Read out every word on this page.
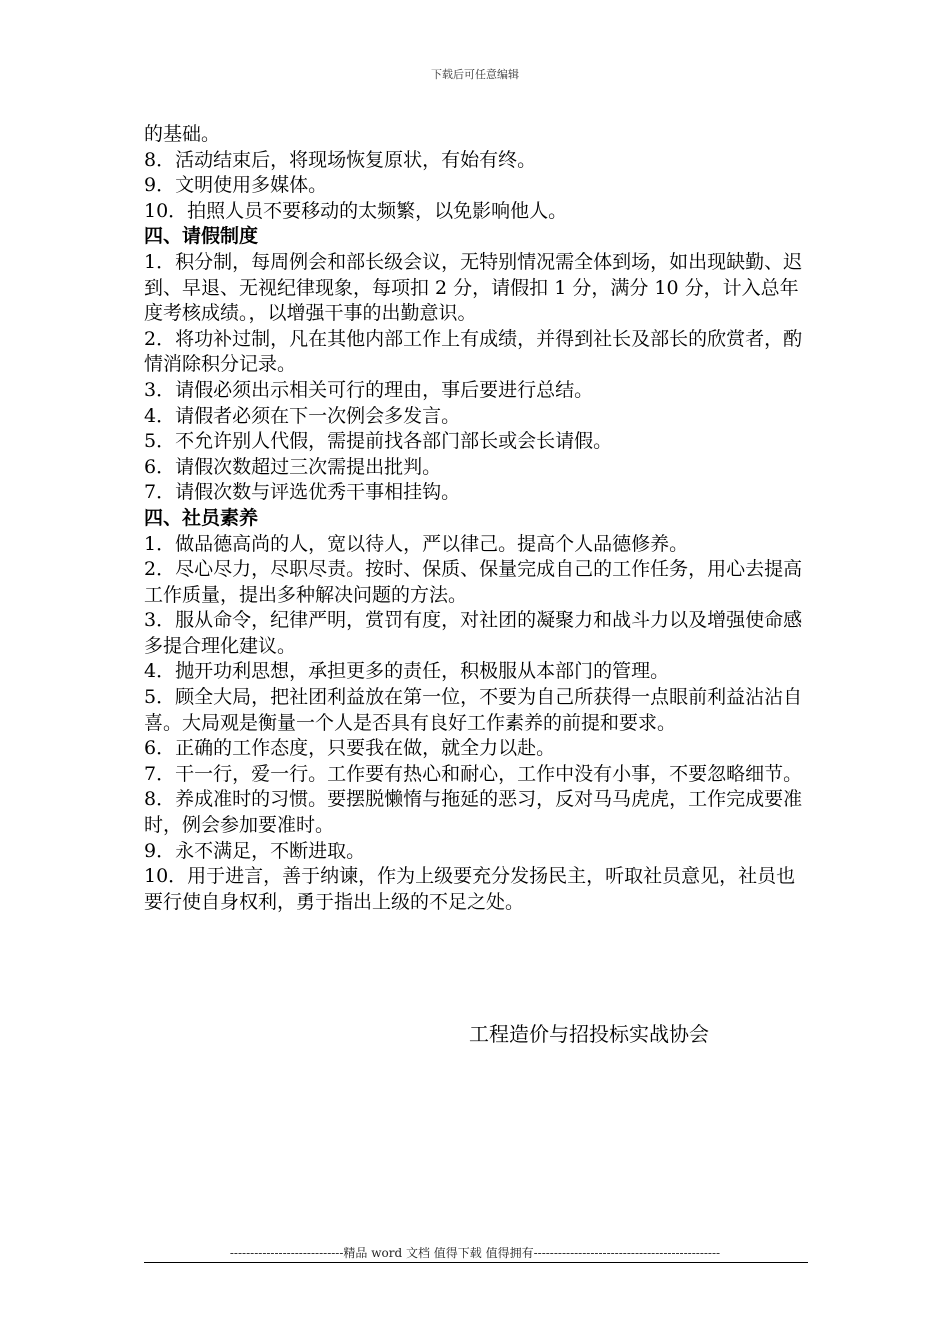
下载后可任意编辑

的基础。

8．活动结束后，将现场恢复原状，有始有终。

9．文明使用多媒体。

10．拍照人员不要移动的太频繁，以免影响他人。

四、请假制度

1．积分制，每周例会和部长级会议，无特别情况需全体到场，如出现缺勤、迟到、早退、无视纪律现象，每项扣 2 分，请假扣 1 分，满分 10 分，计入总年度考核成绩。，以增强干事的出勤意识。

2．将功补过制，凡在其他内部工作上有成绩，并得到社长及部长的欣赏者，酌情消除积分记录。

3．请假必须出示相关可行的理由，事后要进行总结。

4．请假者必须在下一次例会多发言。

5．不允许别人代假，需提前找各部门部长或会长请假。

6．请假次数超过三次需提出批判。

7．请假次数与评选优秀干事相挂钩。

四、社员素养

1．做品德高尚的人，宽以待人，严以律己。提高个人品德修养。

2．尽心尽力，尽职尽责。按时、保质、保量完成自己的工作任务，用心去提高工作质量，提出多种解决问题的方法。

3．服从命令，纪律严明，赏罚有度，对社团的凝聚力和战斗力以及增强使命感多提合理化建议。

4．抛开功利思想，承担更多的责任，积极服从本部门的管理。

5．顾全大局，把社团利益放在第一位，不要为自己所获得一点眼前利益沾沾自喜。大局观是衡量一个人是否具有良好工作素养的前提和要求。

6．正确的工作态度，只要我在做，就全力以赴。

7．干一行，爱一行。工作要有热心和耐心，工作中没有小事，不要忽略细节。

8．养成准时的习惯。要摆脱懒惰与拖延的恶习，反对马马虎虎，工作完成要准时，例会参加要准时。

9．永不满足，不断进取。

10．用于进言，善于纳谏，作为上级要充分发扬民主，听取社员意见，社员也要行使自身权利，勇于指出上级的不足之处。

工程造价与招投标实战协会
----------------------------精品 word 文档 值得下载 值得拥有----------------------------------------------
